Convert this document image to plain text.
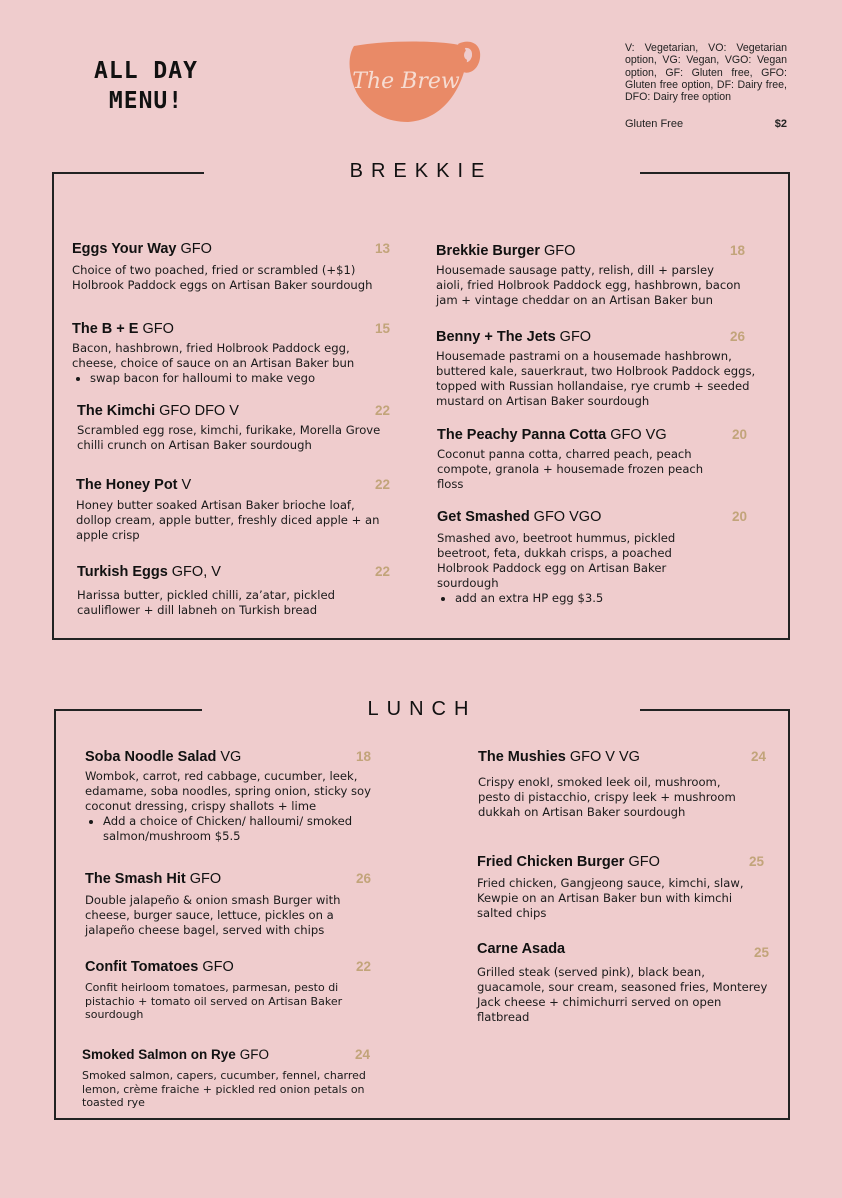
ALL DAY
MENU!
The Brew
V: Vegetarian, VO: Vegetarian option, VG: Vegan, VGO: Vegan option, GF: Gluten free, GFO: Gluten free option, DF: Dairy free, DFO: Dairy free option
Gluten Free	$2
BREKKIE
Eggs Your Way GFO	13
Choice of two poached, fried or scrambled (+$1) Holbrook Paddock eggs on Artisan Baker sourdough
The B + E GFO	15
Bacon, hashbrown, fried Holbrook Paddock egg, cheese, choice of sauce on an Artisan Baker bun
• swap bacon for halloumi to make vego
The Kimchi GFO DFO V	22
Scrambled egg rose, kimchi, furikake, Morella Grove chilli crunch on Artisan Baker sourdough
The Honey Pot V	22
Honey butter soaked Artisan Baker brioche loaf, dollop cream, apple butter, freshly diced apple + an apple crisp
Turkish Eggs GFO, V	22
Harissa butter, pickled chilli, za’atar, pickled cauliflower + dill labneh on Turkish bread
Brekkie Burger GFO	18
Housemade sausage patty, relish, dill + parsley aioli, fried Holbrook Paddock egg, hashbrown, bacon jam + vintage cheddar on an Artisan Baker bun
Benny + The Jets GFO	26
Housemade pastrami on a housemade hashbrown, buttered kale, sauerkraut, two Holbrook Paddock eggs, topped with Russian hollandaise, rye crumb + seeded mustard on Artisan Baker sourdough
The Peachy Panna Cotta GFO VG	20
Coconut panna cotta, charred peach, peach compote, granola + housemade frozen peach floss
Get Smashed GFO VGO	20
Smashed avo, beetroot hummus, pickled beetroot, feta, dukkah crisps, a poached Holbrook Paddock egg on Artisan Baker sourdough
• add an extra HP egg $3.5
LUNCH
Soba Noodle Salad VG	18
Wombok, carrot, red cabbage, cucumber, leek, edamame, soba noodles, spring onion, sticky soy coconut dressing, crispy shallots + lime
• Add a choice of Chicken/ halloumi/ smoked salmon/mushroom $5.5
The Smash Hit GFO	26
Double jalapeño & onion smash Burger with cheese, burger sauce, lettuce, pickles on a jalapeño cheese bagel, served with chips
Confit Tomatoes GFO	22
Confit heirloom tomatoes, parmesan, pesto di pistachio + tomato oil served on Artisan Baker sourdough
Smoked Salmon on Rye GFO	24
Smoked salmon, capers, cucumber, fennel, charred lemon, crème fraiche + pickled red onion petals on toasted rye
The Mushies GFO V VG	24
Crispy enokI, smoked leek oil, mushroom, pesto di pistacchio, crispy leek + mushroom dukkah on Artisan Baker sourdough
Fried Chicken Burger GFO	25
Fried chicken, Gangjeong sauce, kimchi, slaw, Kewpie on an Artisan Baker bun with kimchi salted chips
Carne Asada	25
Grilled steak (served pink), black bean, guacamole, sour cream, seasoned fries, Monterey Jack cheese + chimichurri served on open flatbread
